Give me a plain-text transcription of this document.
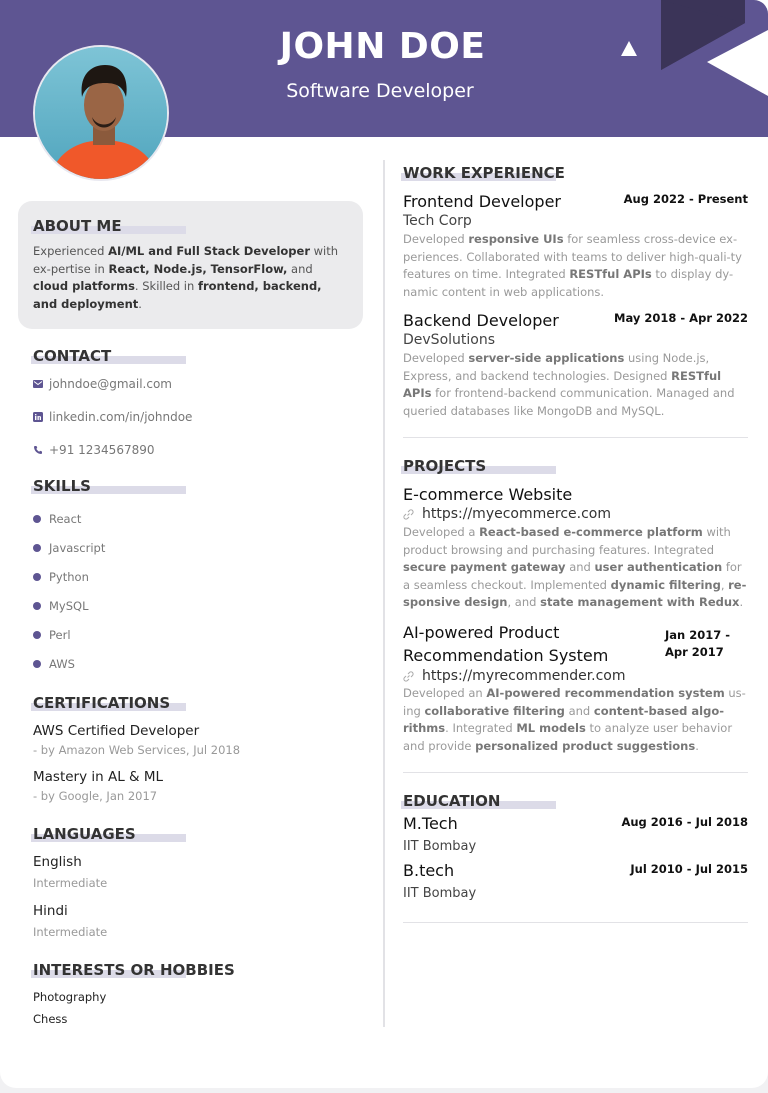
JOHN DOE
Software Developer
ABOUT ME

Experienced AI/ML and Full Stack Developer with ex-pertise in React, Node.js, TensorFlow, and cloud platforms. Skilled in frontend, backend, and deployment.

CONTACT
johndoe@gmail.com
linkedin.com/in/johndoe
+91 1234567890
SKILLS
React
Javascript
Python
MySQL
Perl
AWS
CERTIFICATIONS
AWS Certified Developer
- by Amazon Web Services, Jul 2018
Mastery in AL & ML
- by Google, Jan 2017
LANGUAGES
English
Intermediate
Hindi
Intermediate
INTERESTS OR HOBBIES
Photography
Chess
WORK EXPERIENCE
Frontend Developer	Aug 2022 - Present
Tech Corp
Developed responsive UIs for seamless cross-device ex-periences. Collaborated with teams to deliver high-quali-ty features on time. Integrated RESTful APIs to display dy-namic content in web applications.
Backend Developer	May 2018 - Apr 2022
DevSolutions
Developed server-side applications using Node.js, Express, and backend technologies. Designed RESTful APIs for frontend-backend communication. Managed and queried databases like MongoDB and MySQL.
PROJECTS
E-commerce Website
https://myecommerce.com
Developed a React-based e-commerce platform with product browsing and purchasing features. Integrated secure payment gateway and user authentication for a seamless checkout. Implemented dynamic filtering, re-sponsive design, and state management with Redux.
AI-powered Product
Recommendation System
Jan 2017 -
Apr 2017
https://myrecommender.com
Developed an AI-powered recommendation system us-ing collaborative filtering and content-based algo-rithms. Integrated ML models to analyze user behavior and provide personalized product suggestions.
EDUCATION
M.Tech	Aug 2016 - Jul 2018
IIT Bombay
B.tech	Jul 2010 - Jul 2015
IIT Bombay
